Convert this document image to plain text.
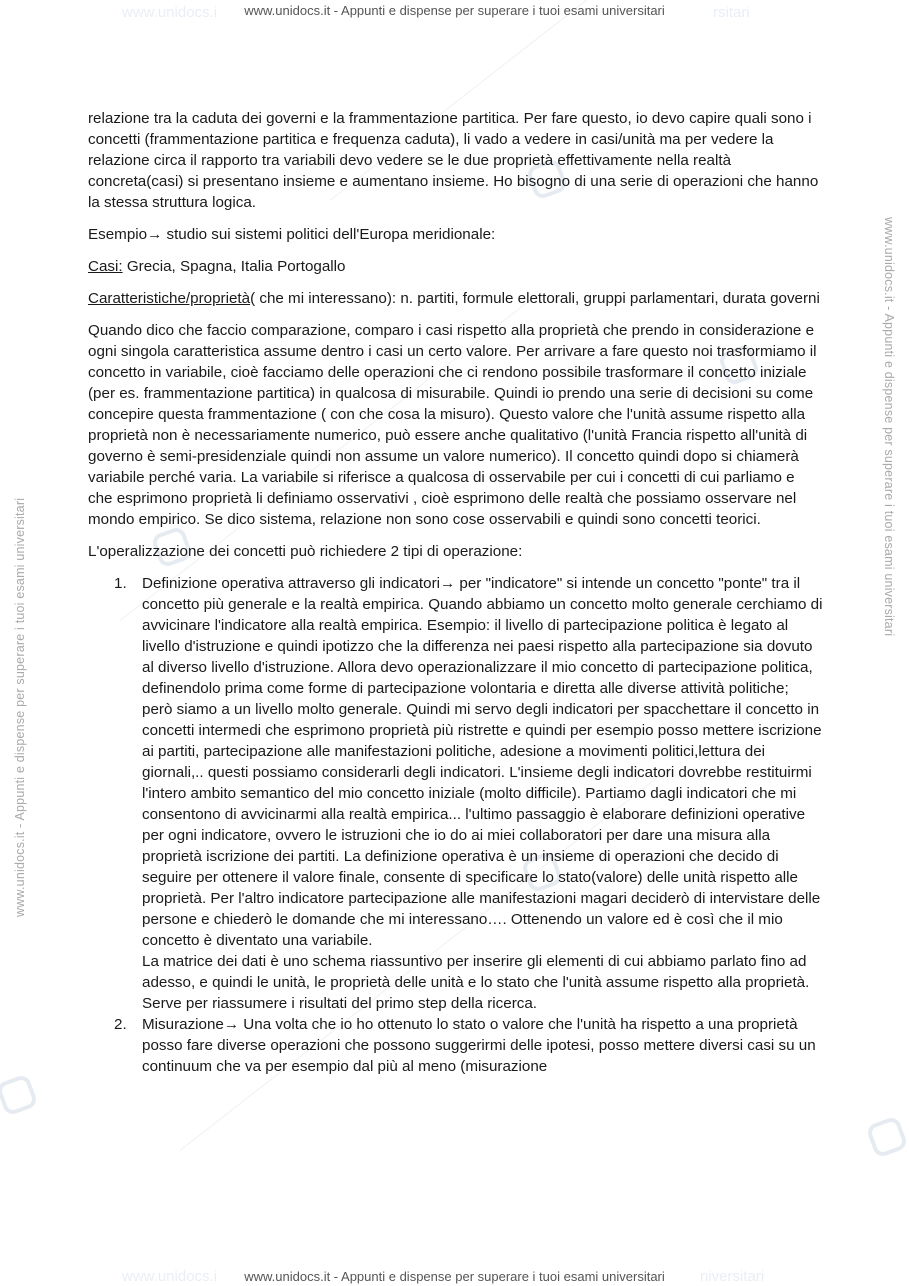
www.unidocs.i	rsitari
www.unidocs.it - Appunti e dispense per superare i tuoi esami universitari
www.unidocs.i	niversitari
www.unidocs.it - Appunti e dispense per superare i tuoi esami universitari
www.unidocs.it - Appunti e dispense per superare i tuoi esami universitari
www.unidocs.it - Appunti e dispense per superare i tuoi esami universitari

relazione tra la caduta dei governi e la frammentazione partitica. Per fare questo, io devo capire quali sono i concetti (frammentazione partitica e frequenza caduta), li vado a vedere in casi/unità ma per vedere la relazione circa il rapporto tra variabili devo vedere se le due proprietà effettivamente nella realtà concreta(casi) si presentano insieme e aumentano insieme. Ho bisogno di una serie di operazioni che hanno la stessa struttura logica.

Esempio→ studio sui sistemi politici dell'Europa meridionale:

Casi: Grecia, Spagna, Italia Portogallo

Caratteristiche/proprietà( che mi interessano): n. partiti, formule elettorali, gruppi parlamentari, durata governi

Quando dico che faccio comparazione, comparo i casi rispetto alla proprietà che prendo in considerazione e ogni singola caratteristica assume dentro i casi un certo valore. Per arrivare a fare questo noi trasformiamo il concetto in variabile, cioè facciamo delle operazioni che ci rendono possibile trasformare il concetto iniziale (per es. frammentazione partitica) in qualcosa di misurabile. Quindi io prendo una serie di decisioni su come concepire questa frammentazione ( con che cosa la misuro). Questo valore che l'unità assume rispetto alla proprietà non è necessariamente numerico, può essere anche qualitativo (l'unità Francia rispetto all'unità di governo è semi-presidenziale quindi non assume un valore numerico). Il concetto quindi dopo si chiamerà variabile perché varia. La variabile si riferisce a qualcosa di osservabile per cui i concetti di cui parliamo e che esprimono proprietà li definiamo osservativi , cioè esprimono delle realtà che possiamo osservare nel mondo empirico. Se dico sistema, relazione non sono cose osservabili e quindi sono concetti teorici.

L'operalizzazione dei concetti può richiedere 2 tipi di operazione:

1. Definizione operativa attraverso gli indicatori→ per "indicatore" si intende un concetto "ponte" tra il concetto più generale e la realtà empirica. Quando abbiamo un concetto molto generale cerchiamo di avvicinare l'indicatore alla realtà empirica. Esempio: il livello di partecipazione politica è legato al livello d'istruzione e quindi ipotizzo che la differenza nei paesi rispetto alla partecipazione sia dovuto al diverso livello d'istruzione. Allora devo operazionalizzare il mio concetto di partecipazione politica, definendolo prima come forme di partecipazione volontaria e diretta alle diverse attività politiche; però siamo a un livello molto generale. Quindi mi servo degli indicatori per spacchettare il concetto in concetti intermedi che esprimono proprietà più ristrette e quindi per esempio posso mettere iscrizione ai partiti, partecipazione alle manifestazioni politiche, adesione a movimenti politici,lettura dei giornali,.. questi possiamo considerarli degli indicatori. L'insieme degli indicatori dovrebbe restituirmi l'intero ambito semantico del mio concetto iniziale (molto difficile). Partiamo dagli indicatori che mi consentono di avvicinarmi alla realtà empirica... l'ultimo passaggio è elaborare definizioni operative per ogni indicatore, ovvero le istruzioni che io do ai miei collaboratori per dare una misura alla proprietà iscrizione dei partiti. La definizione operativa è un insieme di operazioni che decido di seguire per ottenere il valore finale, consente di specificare lo stato(valore) delle unità rispetto alle proprietà. Per l'altro indicatore partecipazione alle manifestazioni magari deciderò di intervistare delle persone e chiederò le domande che mi interessano…. Ottenendo un valore ed è così che il mio concetto è diventato una variabile.
La matrice dei dati è uno schema riassuntivo per inserire gli elementi di cui abbiamo parlato fino ad adesso, e quindi le unità, le proprietà delle unità e lo stato che l'unità assume rispetto alla proprietà. Serve per riassumere i risultati del primo step della ricerca.
2. Misurazione→ Una volta che io ho ottenuto lo stato o valore che l'unità ha rispetto a una proprietà posso fare diverse operazioni che possono suggerirmi delle ipotesi, posso mettere diversi casi su un continuum che va per esempio dal più al meno (misurazione
